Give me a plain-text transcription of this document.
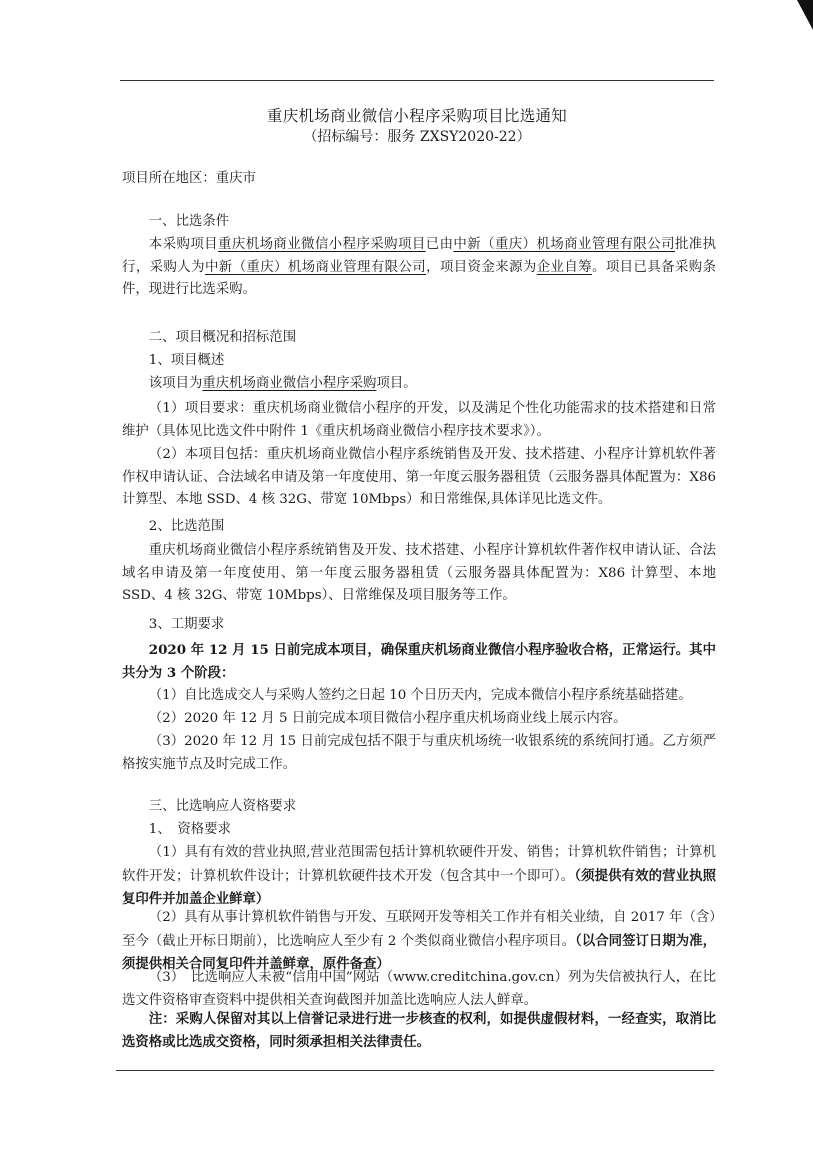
重庆机场商业微信小程序采购项目比选通知
（招标编号：服务 ZXSY2020-22）
项目所在地区：重庆市
一、比选条件
本采购项目重庆机场商业微信小程序采购项目已由中新（重庆）机场商业管理有限公司批准执行，采购人为中新（重庆）机场商业管理有限公司，项目资金来源为企业自筹。项目已具备采购条件，现进行比选采购。
二、项目概况和招标范围
1、项目概述
该项目为重庆机场商业微信小程序采购项目。
（1）项目要求：重庆机场商业微信小程序的开发，以及满足个性化功能需求的技术搭建和日常维护（具体见比选文件中附件 1《重庆机场商业微信小程序技术要求》）。
（2）本项目包括：重庆机场商业微信小程序系统销售及开发、技术搭建、小程序计算机软件著作权申请认证、合法域名申请及第一年度使用、第一年度云服务器租赁（云服务器具体配置为：X86 计算型、本地 SSD、4 核 32G、带宽 10Mbps）和日常维保,具体详见比选文件。
2、比选范围
重庆机场商业微信小程序系统销售及开发、技术搭建、小程序计算机软件著作权申请认证、合法域名申请及第一年度使用、第一年度云服务器租赁（云服务器具体配置为：X86 计算型、本地 SSD、4 核 32G、带宽 10Mbps）、日常维保及项目服务等工作。
3、工期要求
2020 年 12 月 15 日前完成本项目，确保重庆机场商业微信小程序验收合格，正常运行。其中共分为 3 个阶段：
（1）自比选成交人与采购人签约之日起 10 个日历天内，完成本微信小程序系统基础搭建。
（2）2020 年 12 月 5 日前完成本项目微信小程序重庆机场商业线上展示内容。
（3）2020 年 12 月 15 日前完成包括不限于与重庆机场统一收银系统的系统间打通。乙方须严格按实施节点及时完成工作。
三、比选响应人资格要求
1、　资格要求
（1）具有有效的营业执照,营业范围需包括计算机软硬件开发、销售；计算机软件销售；计算机软件开发；计算机软件设计；计算机软硬件技术开发（包含其中一个即可）。（须提供有效的营业执照复印件并加盖企业鲜章）
（2）具有从事计算机软件销售与开发、互联网开发等相关工作并有相关业绩，自 2017 年（含）至今（截止开标日期前），比选响应人至少有 2 个类似商业微信小程序项目。（以合同签订日期为准，须提供相关合同复印件并盖鲜章，原件备查）
（3）　比选响应人未被“信用中国”网站（www.creditchina.gov.cn）列为失信被执行人，在比选文件资格审查资料中提供相关查询截图并加盖比选响应人法人鲜章。
注：采购人保留对其以上信誉记录进行进一步核查的权利，如提供虚假材料，一经查实，取消比选资格或比选成交资格，同时须承担相关法律责任。
